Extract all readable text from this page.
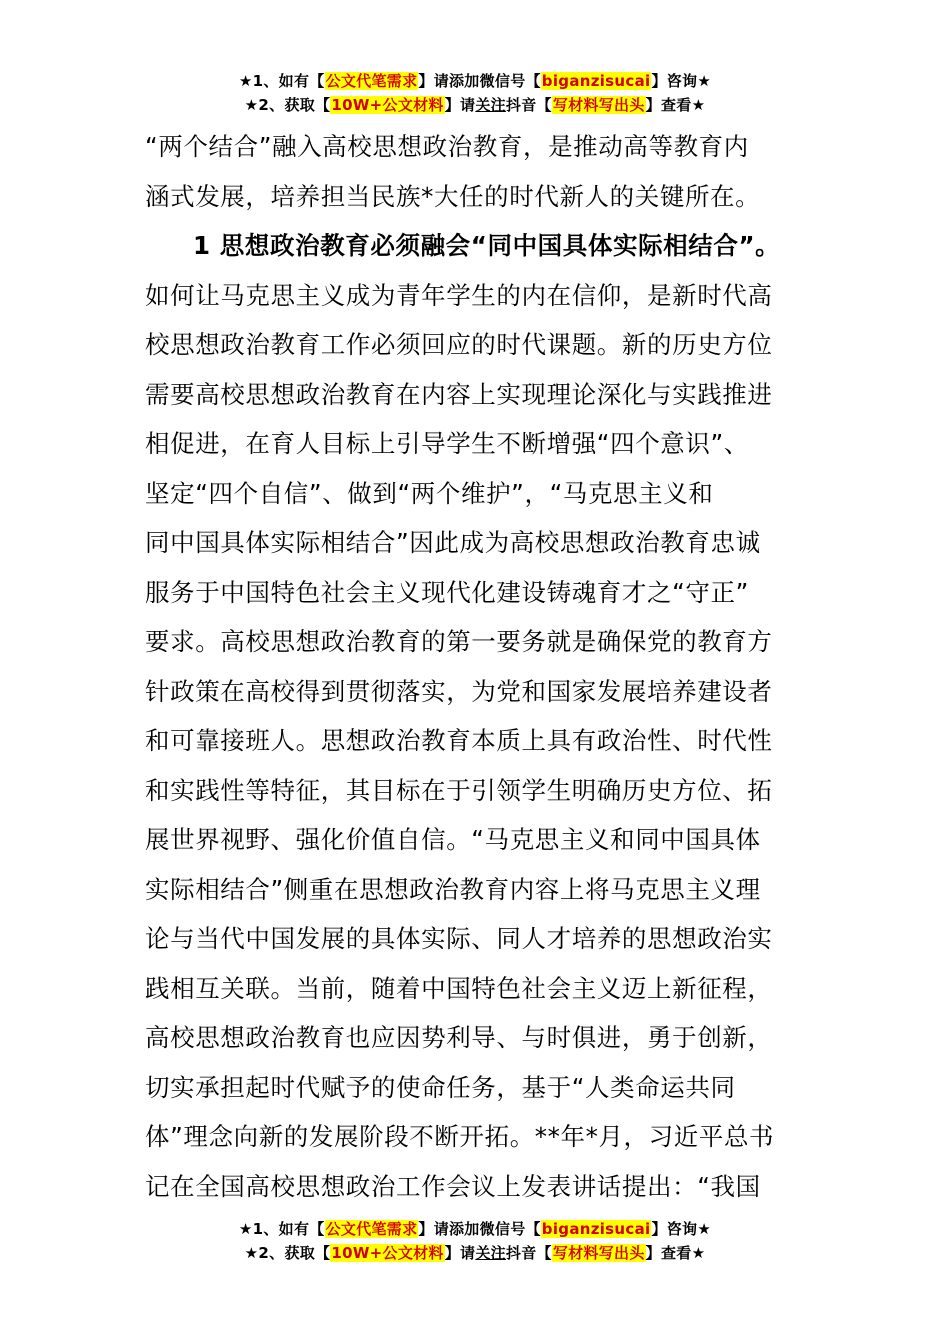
★1、如有【公文代笔需求】请添加微信号【biganzisucai】咨询★
★2、获取【10W+公文材料】请关注抖音【写材料写出头】查看★
“两个结合”融入高校思想政治教育，是推动高等教育内
涵式发展，培养担当民族*大任的时代新人的关键所在。
1 思想政治教育必须融会“同中国具体实际相结合”。
如何让马克思主义成为青年学生的内在信仰，是新时代高
校思想政治教育工作必须回应的时代课题。新的历史方位
需要高校思想政治教育在内容上实现理论深化与实践推进
相促进，在育人目标上引导学生不断增强“四个意识”、
坚定“四个自信”、做到“两个维护”，“马克思主义和
同中国具体实际相结合”因此成为高校思想政治教育忠诚
服务于中国特色社会主义现代化建设铸魂育才之“守正”
要求。高校思想政治教育的第一要务就是确保党的教育方
针政策在高校得到贯彻落实，为党和国家发展培养建设者
和可靠接班人。思想政治教育本质上具有政治性、时代性
和实践性等特征，其目标在于引领学生明确历史方位、拓
展世界视野、强化价值自信。“马克思主义和同中国具体
实际相结合”侧重在思想政治教育内容上将马克思主义理
论与当代中国发展的具体实际、同人才培养的思想政治实
践相互关联。当前，随着中国特色社会主义迈上新征程，
高校思想政治教育也应因势利导、与时俱进，勇于创新，
切实承担起时代赋予的使命任务，基于“人类命运共同
体”理念向新的发展阶段不断开拓。**年*月，习近平总书
记在全国高校思想政治工作会议上发表讲话提出：“我国
★1、如有【公文代笔需求】请添加微信号【biganzisucai】咨询★
★2、获取【10W+公文材料】请关注抖音【写材料写出头】查看★
